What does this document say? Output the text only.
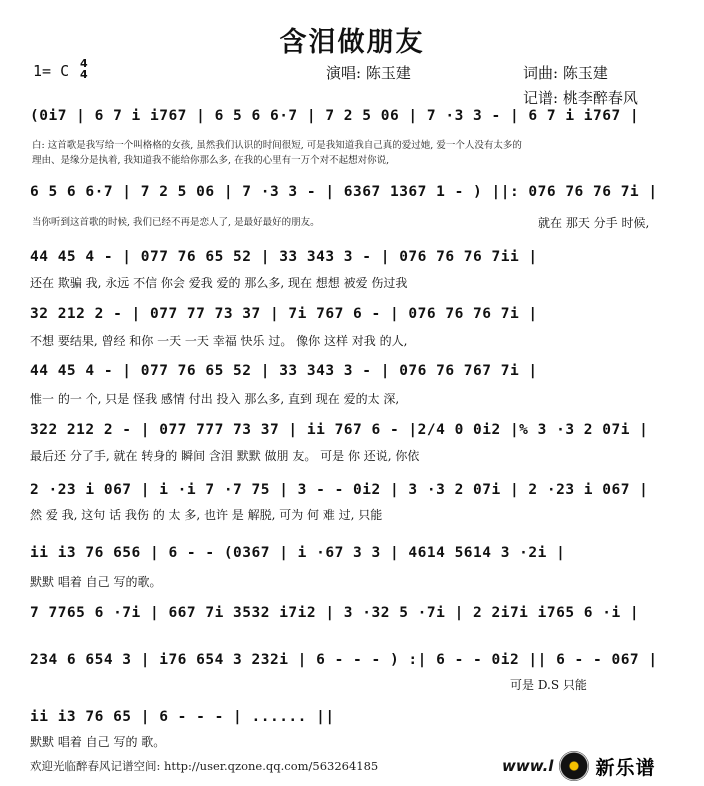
含泪做朋友
1= C 4
4	演唱: 陈玉建	词曲: 陈玉建
记谱: 桃李醉春风
(0i7 | 6 7 i i767 | 6 5 6 6·7 | 7 2 5 06 | 7 ·3 3 - | 6 7 i i767 |
白: 这首歌是我写给一个叫格格的女孩, 虽然我们认识的时间很短, 可是我知道我自己真的爱过她, 爱一个人没有太多的
理由、是缘分是执着, 我知道我不能给你那么多, 在我的心里有一万个对不起想对你说,
6 5 6 6·7 | 7 2 5 06 | 7 ·3 3 - | 6367 1367 1 - ) ||: 076 76 76 7i |
当你听到这首歌的时候, 我们已经不再是恋人了, 是最好最好的朋友。	就在 那天 分手 时候,
44 45 4 - | 077 76 65 52 | 33 343 3 - | 076 76 76 7ii |
还在 欺骗 我, 永远 不信 你会 爱我 爱的 那么多, 现在 想想 被爱 伤过我
32 212 2 - | 077 77 73 37 | 7i 767 6 - | 076 76 76 7i |
不想 要结果, 曾经 和你 一天 一天 幸福 快乐 过。 像你 这样 对我 的人,
44 45 4 - | 077 76 65 52 | 33 343 3 - | 076 76 767 7i |
惟一 的一 个, 只是 怪我 感情 付出 投入 那么多, 直到 现在 爱的太 深,
322 212 2 - | 077 777 73 37 | ii 767 6 - |2/4 0 0i2 |% 3 ·3 2 07i |
最后还 分了手, 就在 转身的 瞬间 含泪 默默 做朋 友。 可是 你 还说, 你依
2 ·23 i 067 | i ·i 7 ·7 75 | 3 - - 0i2 | 3 ·3 2 07i | 2 ·23 i 067 |
然 爱 我, 这句 话 我伤 的 太 多, 也许 是 解脱, 可为 何 难 过, 只能
ii i3 76 656 | 6 - - (0367 | i ·67 3 3 | 4614 5614 3 ·2i |
默默 唱着 自己 写的歌。
7 7765 6 ·7i | 667 7i 3532 i7i2 | 3 ·32 5 ·7i | 2 2i7i i765 6 ·i |
234 6 654 3 | i76 654 3 232i | 6 - - - ) :| 6 - - 0i2 || 6 - - 067 |
可是 D.S 只能
ii i3 76 65 | 6 - - - | ...... ||
默默 唱着 自己 写的 歌。
欢迎光临醉春风记谱空间: http://user.qzone.qq.com/563264185	www.l 新乐谱
